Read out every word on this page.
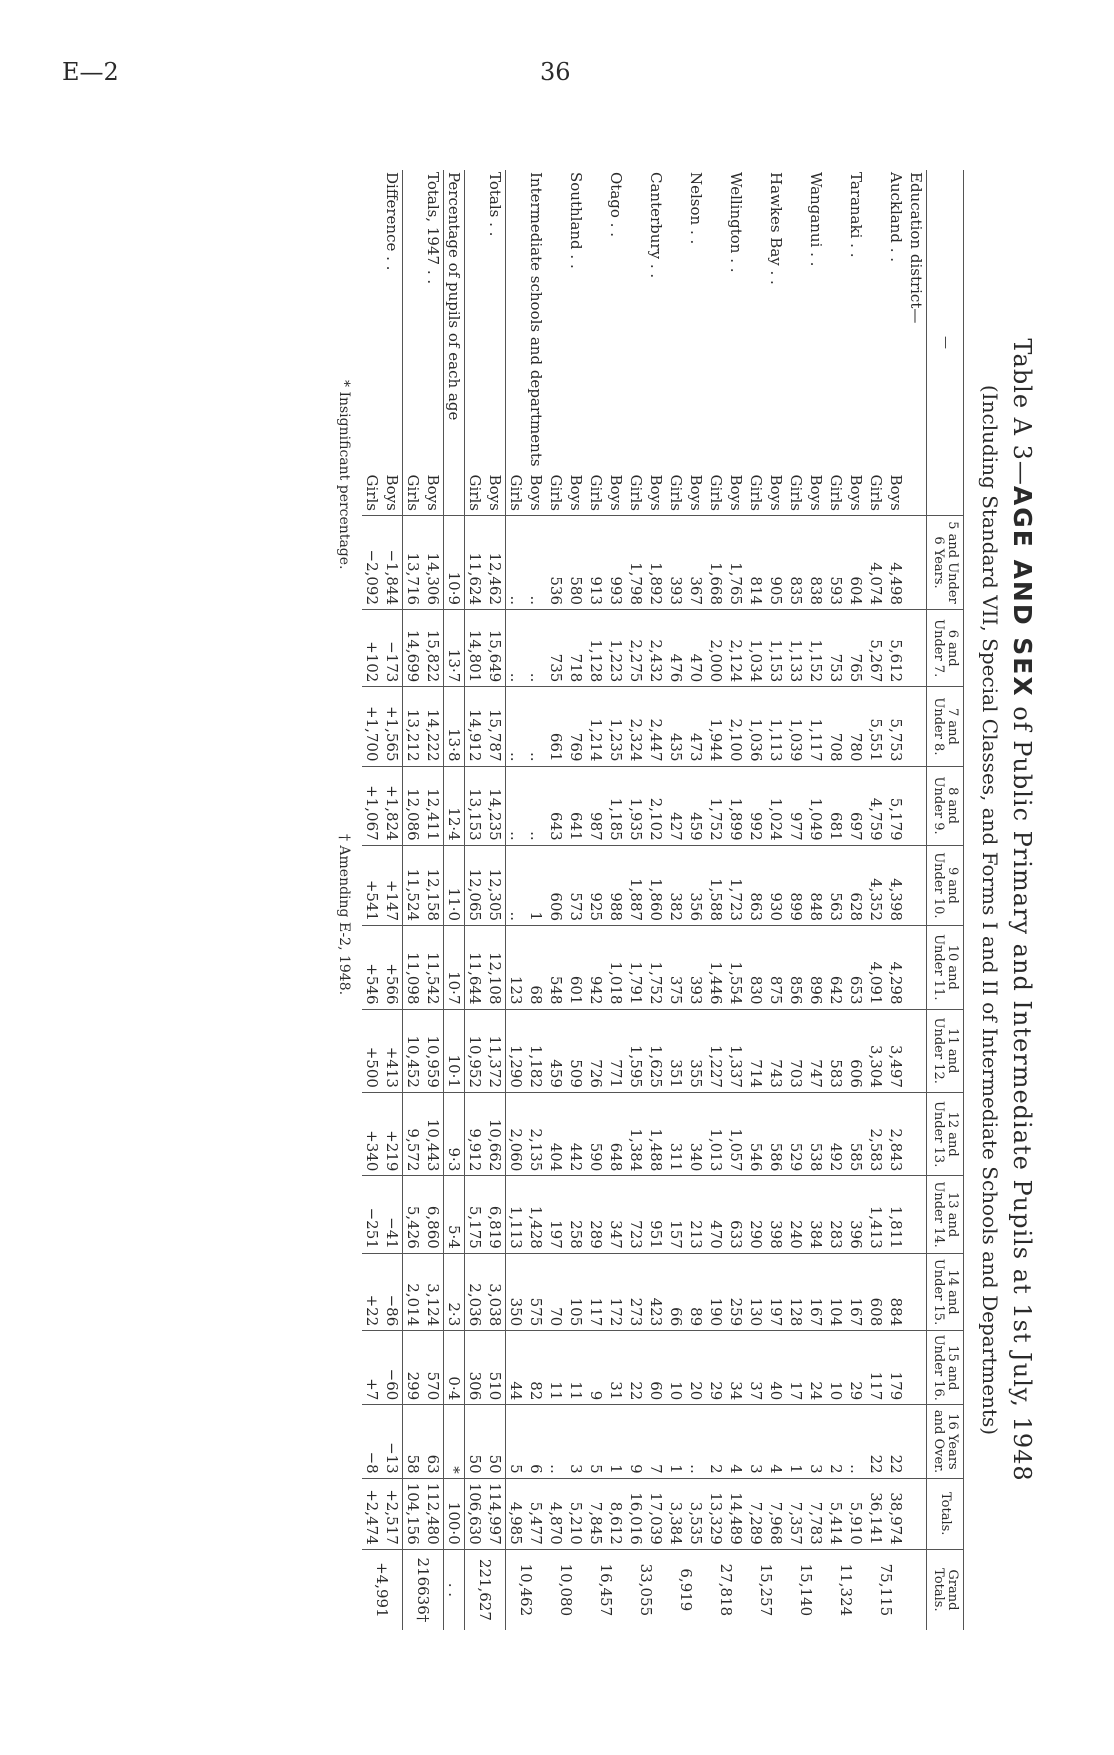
E—2	36
Table A 3—AGE AND SEX of Public Primary and Intermediate Pupils at 1st July, 1948
(Including Standard VII, Special Classes, and Forms I and II of Intermediate Schools and Departments)
—		5 and Under 6 Years.	6 and Under 7.	7 and Under 8.	8 and Under 9.	9 and Under 10.	10 and Under 11.	11 and Under 12.	12 and Under 13.	13 and Under 14.	14 and Under 15.	15 and Under 16.	16 Years and Over.	Totals.	Grand Totals.
Education district—															
Auckland . .	Boys	4,498	5,612	5,753	5,179	4,398	4,298	3,497	2,843	1,811	884	179	22	38,974	75,115
	Girls	4,074	5,267	5,551	4,759	4,352	4,091	3,304	2,583	1,413	608	117	22	36,141	
Taranaki . .	Boys	604	765	780	697	628	653	606	585	396	167	29	..	5,910	11,324
	Girls	593	753	708	681	563	642	583	492	283	104	10	2	5,414	
Wanganui . .	Boys	838	1,152	1,117	1,049	848	896	747	538	384	167	24	3	7,783	15,140
	Girls	835	1,133	1,039	977	899	856	703	529	240	128	17	1	7,357	
Hawkes Bay . .	Boys	905	1,153	1,113	1,024	930	875	743	586	398	197	40	4	7,968	15,257
	Girls	814	1,034	1,036	992	863	830	714	546	290	130	37	3	7,289	
Wellington . .	Boys	1,765	2,124	2,100	1,899	1,723	1,554	1,337	1,057	633	259	34	4	14,489	27,818
	Girls	1,668	2,000	1,944	1,752	1,588	1,446	1,227	1,013	470	190	29	2	13,329	
Nelson . .	Boys	367	470	473	459	356	393	355	340	213	89	20	..	3,535	6,919
	Girls	393	476	435	427	382	375	351	311	157	66	10	1	3,384	
Canterbury . .	Boys	1,892	2,432	2,447	2,102	1,860	1,752	1,625	1,488	951	423	60	7	17,039	33,055
	Girls	1,798	2,275	2,324	1,935	1,887	1,791	1,595	1,384	723	273	22	9	16,016	
Otago . .	Boys	993	1,223	1,235	1,185	988	1,018	771	648	347	172	31	1	8,612	16,457
	Girls	913	1,128	1,214	987	925	942	726	590	289	117	9	5	7,845	
Southland . .	Boys	580	718	769	641	573	601	509	442	258	105	11	3	5,210	10,080
	Girls	536	735	661	643	606	548	459	404	197	70	11	..	4,870	
Intermediate schools and departments	Boys	..	..	..	..	1	68	1,182	2,135	1,428	575	82	6	5,477	10,462
	Girls	..	..	..	..	..	123	1,290	2,060	1,113	350	44	5	4,985	
Totals . .	Boys	12,462	15,649	15,787	14,235	12,305	12,108	11,372	10,662	6,819	3,038	510	50	114,997	221,627
	Girls	11,624	14,801	14,912	13,153	12,065	11,644	10,952	9,912	5,175	2,036	306	50	106,630	
Percentage of pupils of each age		10·9	13·7	13·8	12·4	11·0	10·7	10·1	9·3	5·4	2·3	0·4	*	100·0	. .
Totals, 1947 . .	Boys	14,306	15,822	14,222	12,411	12,158	11,542	10,959	10,443	6,860	3,124	570	63	112,480	216636†
	Girls	13,716	14,699	13,212	12,086	11,524	11,098	10,452	9,572	5,426	2,014	299	58	104,156	
Difference . .	Boys	−1,844	−173	+1,565	+1,824	+147	+566	+413	+219	−41	−86	−60	−13	+2,517	+4,991
	Girls	−2,092	+102	+1,700	+1,067	+541	+546	+500	+340	−251	+22	+7	−8	+2,474	
* Insignificant percentage. † Amending E-2, 1948.
